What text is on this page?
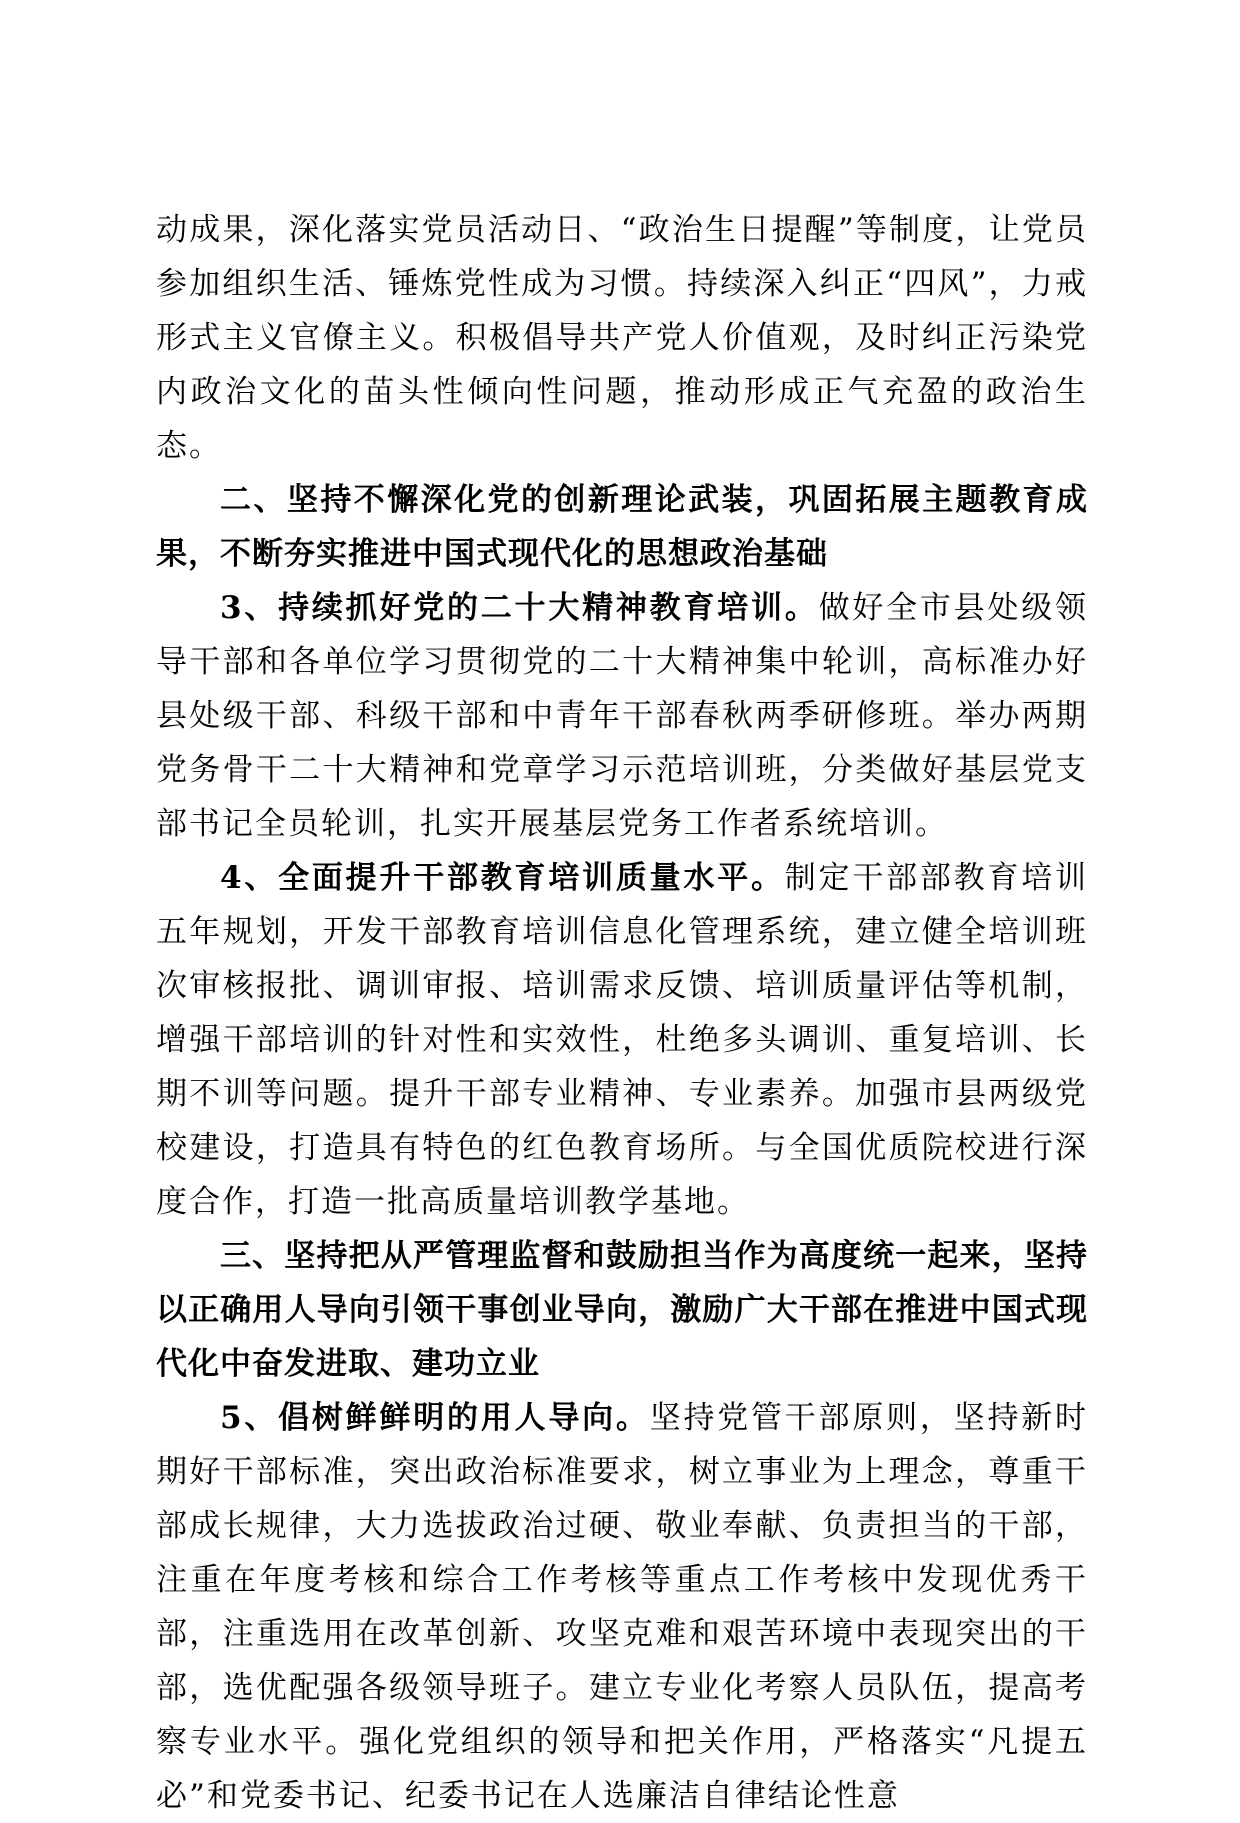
动成果，深化落实党员活动日、“政治生日提醒”等制度，让党员参加组织生活、锤炼党性成为习惯。持续深入纠正“四风”，力戒形式主义官僚主义。积极倡导共产党人价值观，及时纠正污染党内政治文化的苗头性倾向性问题，推动形成正气充盈的政治生态。

二、坚持不懈深化党的创新理论武装，巩固拓展主题教育成果，不断夯实推进中国式现代化的思想政治基础

3、持续抓好党的二十大精神教育培训。做好全市县处级领导干部和各单位学习贯彻党的二十大精神集中轮训，高标准办好县处级干部、科级干部和中青年干部春秋两季研修班。举办两期党务骨干二十大精神和党章学习示范培训班，分类做好基层党支部书记全员轮训，扎实开展基层党务工作者系统培训。

4、全面提升干部教育培训质量水平。制定干部部教育培训五年规划，开发干部教育培训信息化管理系统，建立健全培训班次审核报批、调训审报、培训需求反馈、培训质量评估等机制，增强干部培训的针对性和实效性，杜绝多头调训、重复培训、长期不训等问题。提升干部专业精神、专业素养。加强市县两级党校建设，打造具有特色的红色教育场所。与全国优质院校进行深度合作，打造一批高质量培训教学基地。

三、坚持把从严管理监督和鼓励担当作为高度统一起来，坚持以正确用人导向引领干事创业导向，激励广大干部在推进中国式现代化中奋发进取、建功立业

5、倡树鲜鲜明的用人导向。坚持党管干部原则，坚持新时期好干部标准，突出政治标准要求，树立事业为上理念，尊重干部成长规律，大力选拔政治过硬、敬业奉献、负责担当的干部，注重在年度考核和综合工作考核等重点工作考核中发现优秀干部，注重选用在改革创新、攻坚克难和艰苦环境中表现突出的干部，选优配强各级领导班子。建立专业化考察人员队伍，提高考察专业水平。强化党组织的领导和把关作用，严格落实“凡提五必”和党委书记、纪委书记在人选廉洁自律结论性意
